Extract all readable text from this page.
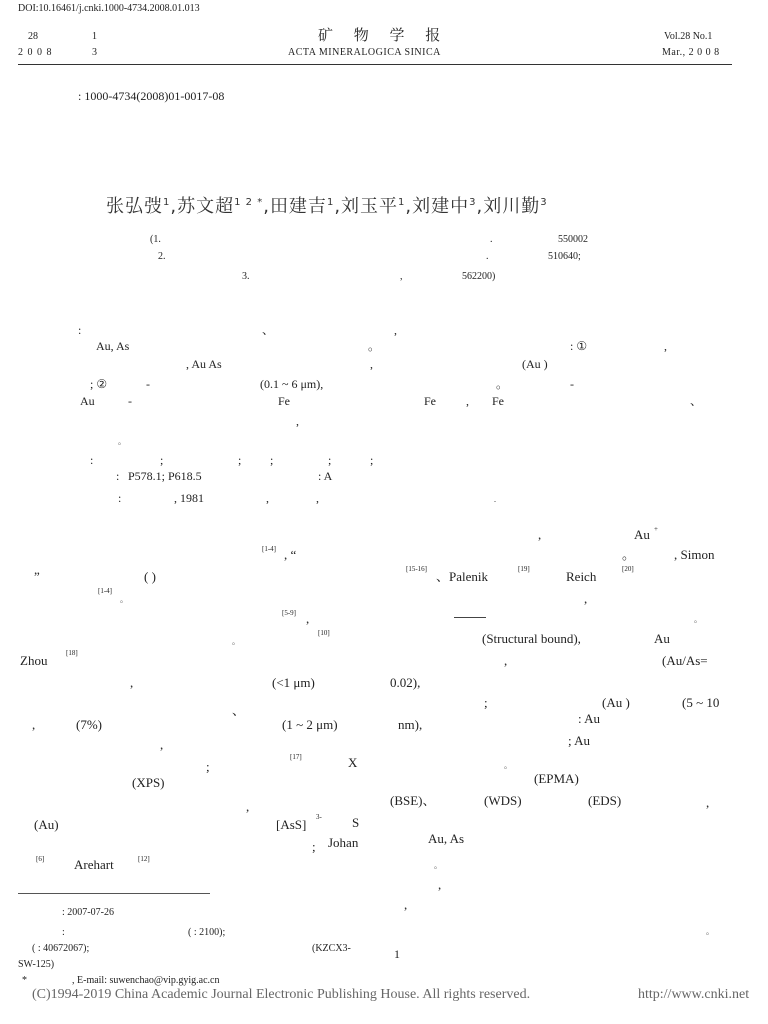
DOI:10.16461/j.cnki.1000-4734.2008.01.013
28	1
2 0 0 8	3
矿 物 学 报
ACTA MINERALOGICA SINICA
Vol.28 No.1
Mar., 2 0 0 8
: 1000-4734(2008)01-0017-08
张弘弢$^1$,苏文超$^{1 2 *}$,田建吉$^1$,刘玉平$^1$,刘建中$^3$,刘川勤$^3$
(1.	.	550002
2.	.	510640;
3.	,	562200)
:	、	,
Au, As	。	: ①	,
, Au As	,	(Au )
; ②	-	(0.1 ~ 6 μm),	。	-
Au	-	Fe	Fe	, Fe	、
,
。
:	;	; ;	;	;
: P578.1; P618.5	: A
:	, 1981	,	,	.
,	Au +
[1-4] , “	。	, Simon
”	( )	[15-16] 、Palenik	[19]	Reich	[20]
[1-4]
。	,
[5-9] ,	。
[10]
。	(Structural bound),	Au
Zhou	[18]	,	(Au/As=
,	(<1 μm)	0.02),
;	(Au )	(5 ~ 10
、
,	(7%)	(1 ~ 2 μm)	nm),	: Au
,	; Au
;
[17]	X	。
(XPS)	(EPMA)
,	(BSE)、	(WDS)	(EDS)	,
(Au)	[AsS] 3- S
; Johan	Au, As
[6] Arehart	[12]
。
,
,
: 2007-07-26
:	( : 2100);	。
( : 40672067);	(KZCX3-
SW-125)
1
*	, E-mail: suwenchao@vip.gyig.ac.cn
(C)1994-2019 China Academic Journal Electronic Publishing House. All rights reserved.	http://www.cnki.net
